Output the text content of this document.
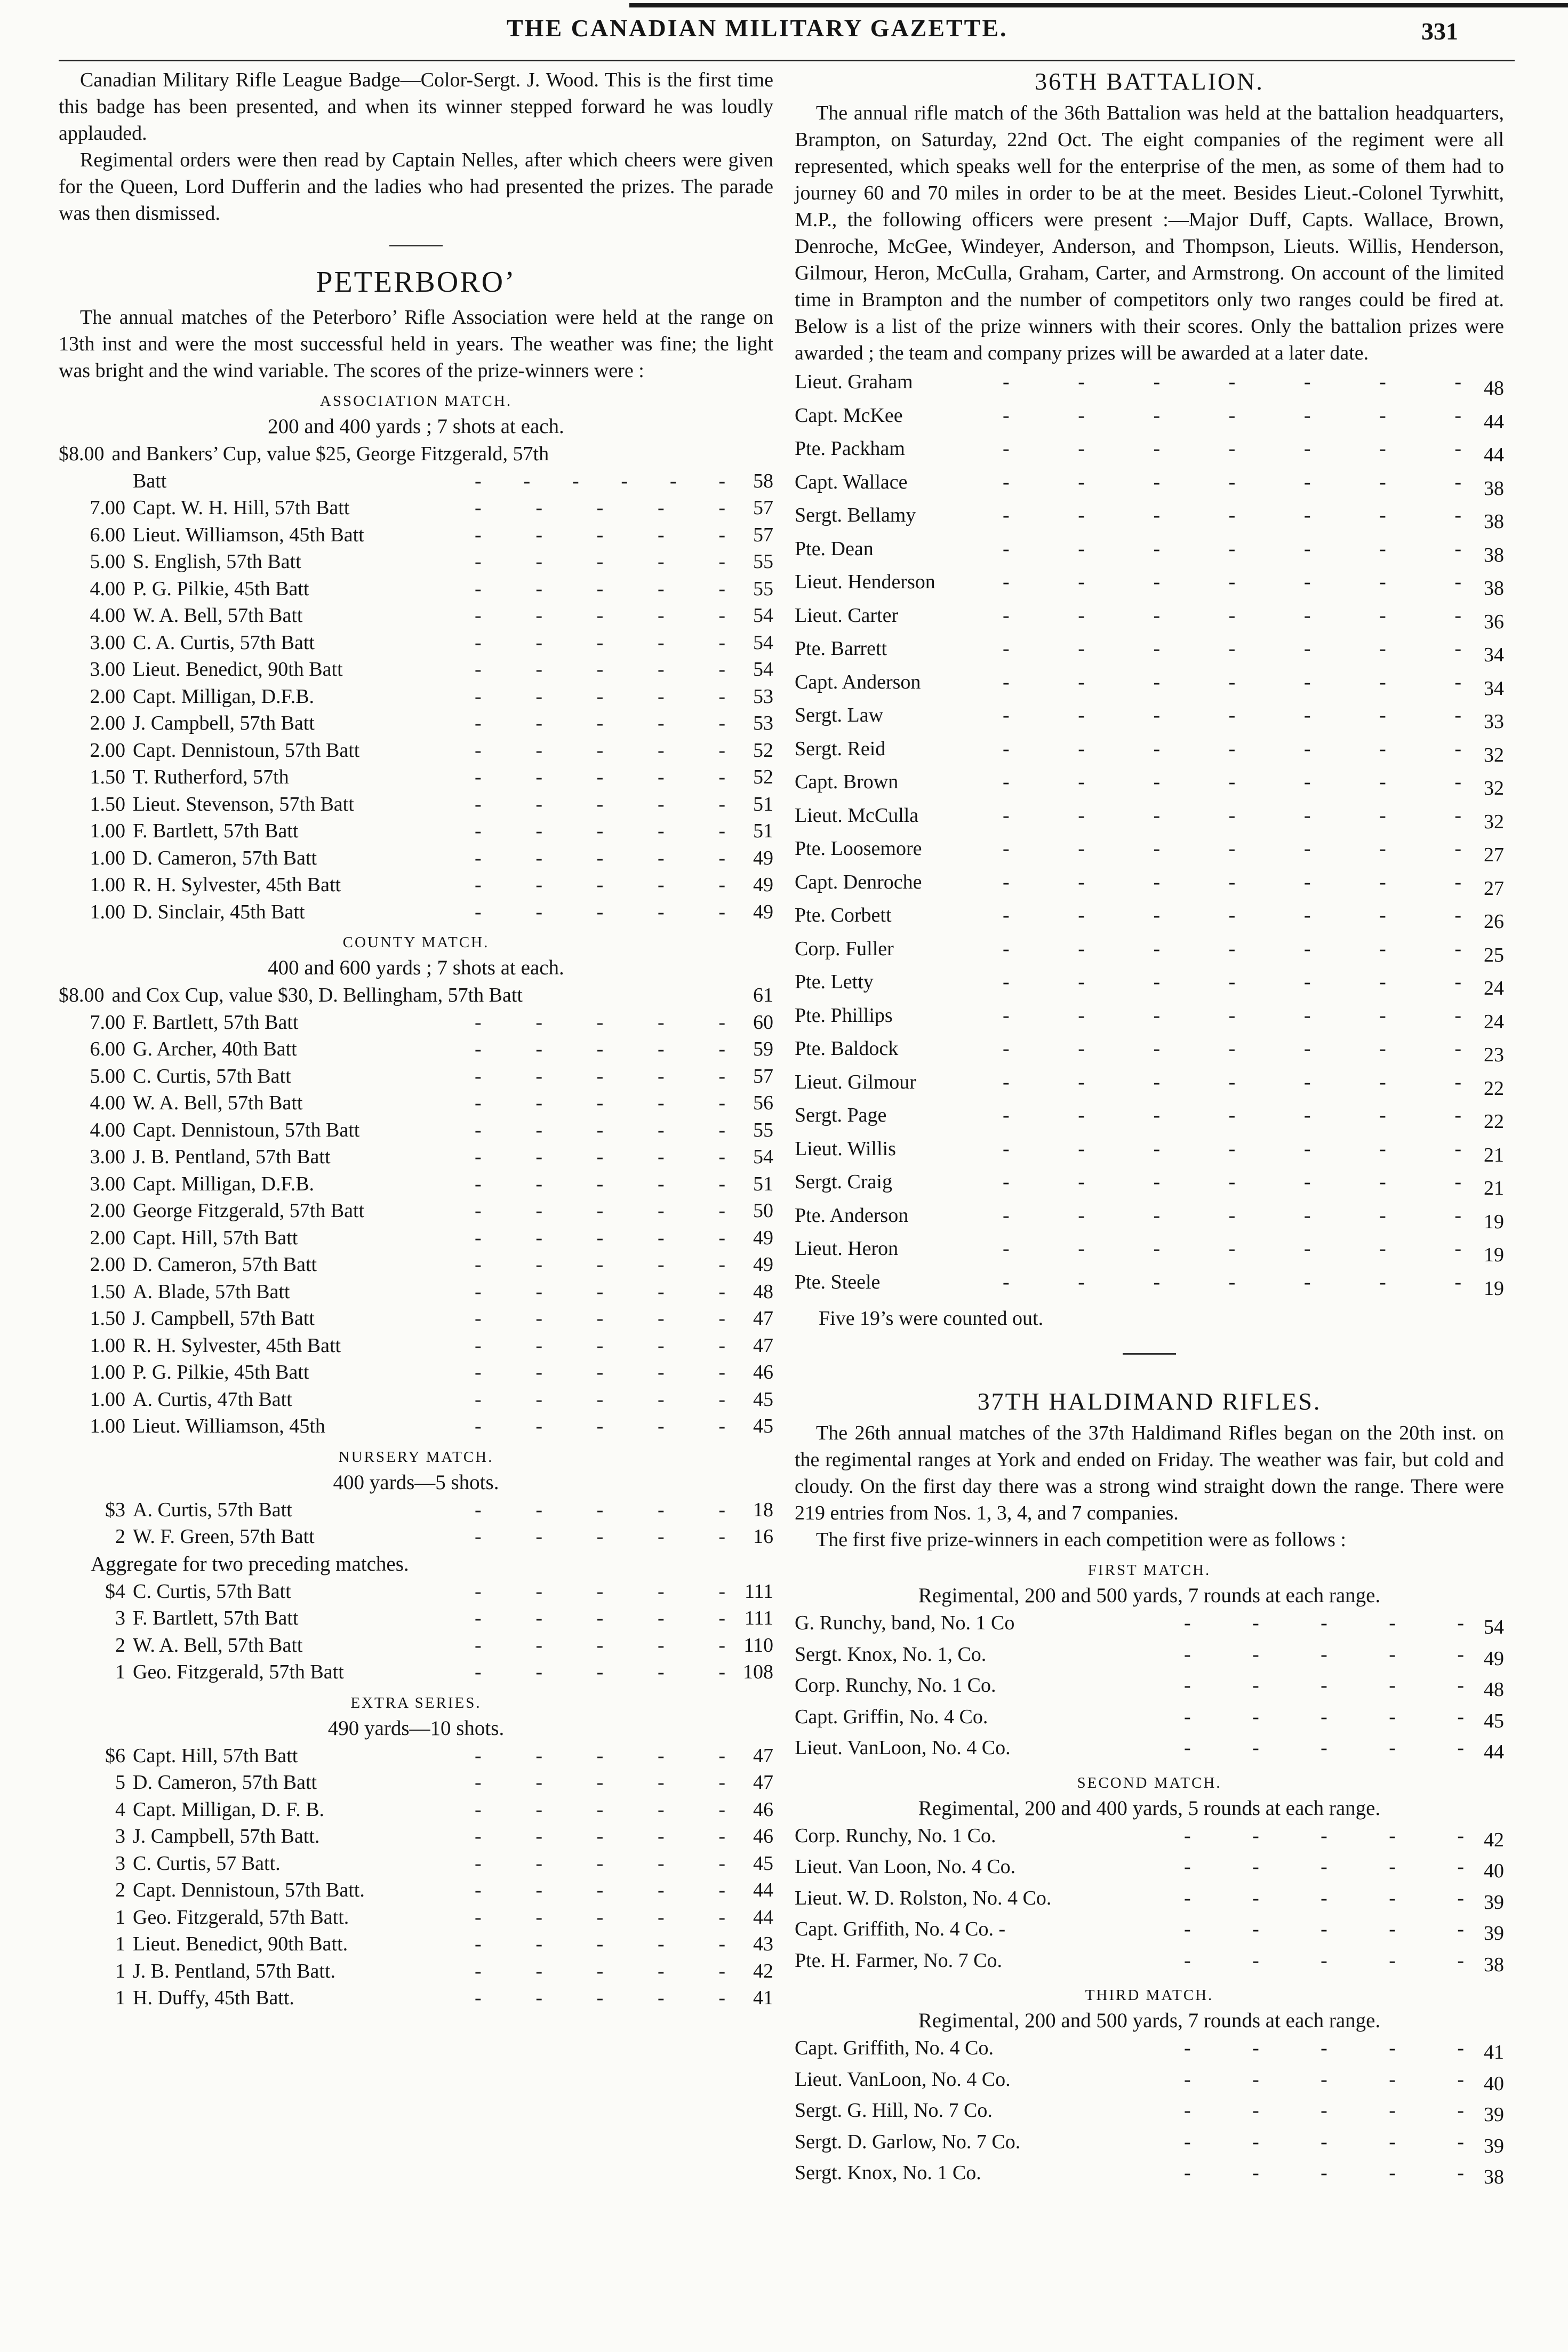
THE CANADIAN MILITARY GAZETTE.	331

Canadian Military Rifle League Badge—Color-Sergt. J. Wood. This is the first time this badge has been presented, and when its winner stepped forward he was loudly applauded.

Regimental orders were then read by Captain Nelles, after which cheers were given for the Queen, Lord Dufferin and the ladies who had presented the prizes. The parade was then dismissed.

PETERBORO’

The annual matches of the Peterboro’ Rifle Association were held at the range on 13th inst and were the most successful held in years. The weather was fine; the light was bright and the wind variable. The scores of the prize-winners were :

ASSOCIATION MATCH.
200 and 400 yards ; 7 shots at each.
$8.00 and Bankers’ Cup, value $25, George Fitzgerald, 57th
Batt	- - - - - -	58
7.00 Capt. W. H. Hill, 57th Batt	-	-	-	-	-	57
6.00 Lieut. Williamson, 45th Batt	-	-	-	-	-	57
5.00 S. English, 57th Batt	-	-	-	-	-	55
4.00 P. G. Pilkie, 45th Batt	-	-	-	-	-	55
4.00 W. A. Bell, 57th Batt	-	-	-	-	-	54
3.00 C. A. Curtis, 57th Batt	-	-	-	-	-	54
3.00 Lieut. Benedict, 90th Batt	-	-	-	-	-	54
2.00 Capt. Milligan, D.F.B.	-	-	-	-	-	53
2.00 J. Campbell, 57th Batt	-	-	-	-	-	53
2.00 Capt. Dennistoun, 57th Batt	-	-	-	-	-	52
1.50 T. Rutherford, 57th	-	-	-	-	-	52
1.50 Lieut. Stevenson, 57th Batt	-	-	-	-	-	51
1.00 F. Bartlett, 57th Batt	-	-	-	-	-	51
1.00 D. Cameron, 57th Batt	-	-	-	-	-	49
1.00 R. H. Sylvester, 45th Batt	-	-	-	-	-	49
1.00 D. Sinclair, 45th Batt	-	-	-	-	-	49
COUNTY MATCH.
400 and 600 yards ; 7 shots at each.
$8.00 and Cox Cup, value $30, D. Bellingham, 57th Batt	61
7.00 F. Bartlett, 57th Batt	-	-	-	-	-	60
6.00 G. Archer, 40th Batt	-	-	-	-	-	59
5.00 C. Curtis, 57th Batt	-	-	-	-	-	57
4.00 W. A. Bell, 57th Batt	-	-	-	-	-	56
4.00 Capt. Dennistoun, 57th Batt	-	-	-	-	-	55
3.00 J. B. Pentland, 57th Batt	-	-	-	-	-	54
3.00 Capt. Milligan, D.F.B.	-	-	-	-	-	51
2.00 George Fitzgerald, 57th Batt	-	-	-	-	-	50
2.00 Capt. Hill, 57th Batt	-	-	-	-	-	49
2.00 D. Cameron, 57th Batt	-	-	-	-	-	49
1.50 A. Blade, 57th Batt	-	-	-	-	-	48
1.50 J. Campbell, 57th Batt	-	-	-	-	-	47
1.00 R. H. Sylvester, 45th Batt	-	-	-	-	-	47
1.00 P. G. Pilkie, 45th Batt	-	-	-	-	-	46
1.00 A. Curtis, 47th Batt	-	-	-	-	-	45
1.00 Lieut. Williamson, 45th	-	-	-	-	-	45
NURSERY MATCH.
400 yards—5 shots.
$3 A. Curtis, 57th Batt	-	-	-	-	-	18
2 W. F. Green, 57th Batt	-	-	-	-	-	16
Aggregate for two preceding matches.
$4 C. Curtis, 57th Batt	-	-	-	-	- 111
3 F. Bartlett, 57th Batt	-	-	-	-	- 111
2 W. A. Bell, 57th Batt	-	-	-	-	- 110
1 Geo. Fitzgerald, 57th Batt	-	-	-	-	- 108
EXTRA SERIES.
490 yards—10 shots.
$6 Capt. Hill, 57th Batt	-	-	-	-	-	47
5 D. Cameron, 57th Batt	-	-	-	-	-	47
4 Capt. Milligan, D. F. B.	-	-	-	-	-	46
3 J. Campbell, 57th Batt.	-	-	-	-	-	46
3 C. Curtis, 57 Batt.	-	-	-	-	-	45
2 Capt. Dennistoun, 57th Batt.	-	-	-	-	-	44
1 Geo. Fitzgerald, 57th Batt.	-	-	-	-	-	44
1 Lieut. Benedict, 90th Batt.	-	-	-	-	-	43
1 J. B. Pentland, 57th Batt.	-	-	-	-	-	42
1 H. Duffy, 45th Batt.	-	-	-	-	-	41
36TH BATTALION.

The annual rifle match of the 36th Battalion was held at the battalion headquarters, Brampton, on Saturday, 22nd Oct. The eight companies of the regiment were all represented, which speaks well for the enterprise of the men, as some of them had to journey 60 and 70 miles in order to be at the meet. Besides Lieut.-Colonel Tyrwhitt, M.P., the following officers were present :—Major Duff, Capts. Wallace, Brown, Denroche, McGee, Windeyer, Anderson, and Thompson, Lieuts. Willis, Henderson, Gilmour, Heron, McCulla, Graham, Carter, and Armstrong. On account of the limited time in Brampton and the number of competitors only two ranges could be fired at. Below is a list of the prize winners with their scores. Only the battalion prizes were awarded ; the team and company prizes will be awarded at a later date.

Lieut. Graham	-	-	-	-	-	-	-	48
Capt. McKee	-	-	-	-	-	-	-	44
Pte. Packham	-	-	-	-	-	-	-	44
Capt. Wallace	-	-	-	-	-	-	-	38
Sergt. Bellamy	-	-	-	-	-	-	-	38
Pte. Dean	-	-	-	-	-	-	-	38
Lieut. Henderson	-	-	-	-	-	-	-	38
Lieut. Carter	-	-	-	-	-	-	-	36
Pte. Barrett	-	-	-	-	-	-	-	34
Capt. Anderson	-	-	-	-	-	-	-	34
Sergt. Law	-	-	-	-	-	-	-	33
Sergt. Reid	-	-	-	-	-	-	-	32
Capt. Brown	-	-	-	-	-	-	-	32
Lieut. McCulla	-	-	-	-	-	-	-	32
Pte. Loosemore	-	-	-	-	-	-	-	27
Capt. Denroche	-	-	-	-	-	-	-	27
Pte. Corbett	-	-	-	-	-	-	-	26
Corp. Fuller	-	-	-	-	-	-	-	25
Pte. Letty	-	-	-	-	-	-	-	24
Pte. Phillips	-	-	-	-	-	-	-	24
Pte. Baldock	-	-	-	-	-	-	-	23
Lieut. Gilmour	-	-	-	-	-	-	-	22
Sergt. Page	-	-	-	-	-	-	-	22
Lieut. Willis	-	-	-	-	-	-	-	21
Sergt. Craig	-	-	-	-	-	-	-	21
Pte. Anderson	-	-	-	-	-	-	-	19
Lieut. Heron	-	-	-	-	-	-	-	19
Pte. Steele	-	-	-	-	-	-	-	19
Five 19’s were counted out.
37TH HALDIMAND RIFLES.

The 26th annual matches of the 37th Haldimand Rifles began on the 20th inst. on the regimental ranges at York and ended on Friday. The weather was fair, but cold and cloudy. On the first day there was a strong wind straight down the range. There were 219 entries from Nos. 1, 3, 4, and 7 companies.

The first five prize-winners in each competition were as follows :

FIRST MATCH.
Regimental, 200 and 500 yards, 7 rounds at each range.
G. Runchy, band, No. 1 Co	-	-	-	-	- 54
Sergt. Knox, No. 1, Co.	-	-	-	-	- 49
Corp. Runchy, No. 1 Co.	-	-	-	-	- 48
Capt. Griffin, No. 4 Co.	-	-	-	-	- 45
Lieut. VanLoon, No. 4 Co.	-	-	-	-	- 44
SECOND MATCH.
Regimental, 200 and 400 yards, 5 rounds at each range.
Corp. Runchy, No. 1 Co.	-	-	-	-	- 42
Lieut. Van Loon, No. 4 Co.	-	-	-	-	- 40
Lieut. W. D. Rolston, No. 4 Co.	-	-	-	-	- 39
Capt. Griffith, No. 4 Co. -	-	-	-	-	- 39
Pte. H. Farmer, No. 7 Co.	-	-	-	-	- 38
THIRD MATCH.
Regimental, 200 and 500 yards, 7 rounds at each range.
Capt. Griffith, No. 4 Co.	-	-	-	-	- 41
Lieut. VanLoon, No. 4 Co.	-	-	-	-	- 40
Sergt. G. Hill, No. 7 Co.	-	-	-	-	- 39
Sergt. D. Garlow, No. 7 Co.	-	-	-	-	- 39
Sergt. Knox, No. 1 Co.	-	-	-	-	- 38
